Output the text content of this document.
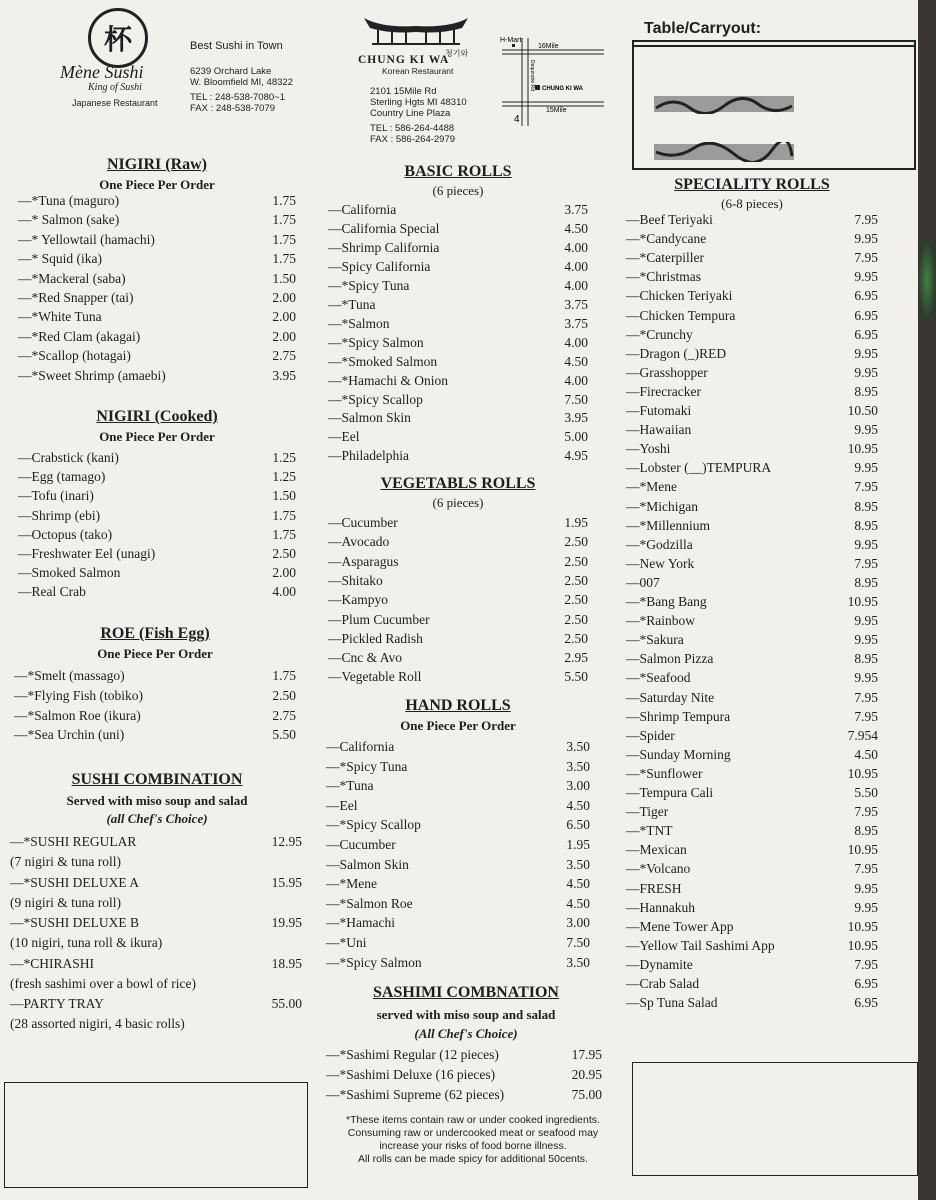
杯
Mène Sushi
King of Sushi
Japanese Restaurant
Best Sushi in Town
6239 Orchard Lake
W. Bloomfield MI, 48322
TEL : 248-538-7080~1
FAX : 248-538-7079
청기와
CHUNG KI WA
Korean Restaurant
2101 15Mile Rd
Sterling Hgts MI 48310
Country Line Plaza
TEL : 586-264-4488
FAX : 586-264-2979
H-Mart
16Mile
CHUNG KI WA
15Mile
4
Dequindre Rd
Table/Carryout:
NIGIRI (Raw)
One Piece Per Order
—*Tuna (maguro)	1.75
—* Salmon (sake)	1.75
—* Yellowtail (hamachi)	1.75
—* Squid (ika)	1.75
—*Mackeral (saba)	1.50
—*Red Snapper (tai)	2.00
—*White Tuna	2.00
—*Red Clam (akagai)	2.00
—*Scallop (hotagai)	2.75
—*Sweet Shrimp (amaebi)	3.95
NIGIRI (Cooked)
One Piece Per Order
—Crabstick (kani)	1.25
—Egg (tamago)	1.25
—Tofu (inari)	1.50
—Shrimp (ebi)	1.75
—Octopus (tako)	1.75
—Freshwater Eel (unagi)	2.50
—Smoked Salmon	2.00
—Real Crab	4.00
ROE (Fish Egg)
One Piece Per Order
—*Smelt (massago)	1.75
—*Flying Fish (tobiko)	2.50
—*Salmon Roe (ikura)	2.75
—*Sea Urchin (uni)	5.50
BASIC ROLLS
(6 pieces)
—California	3.75
—California Special	4.50
—Shrimp California	4.00
—Spicy California	4.00
—*Spicy Tuna	4.00
—*Tuna	3.75
—*Salmon	3.75
—*Spicy Salmon	4.00
—*Smoked Salmon	4.50
—*Hamachi & Onion	4.00
—*Spicy Scallop	7.50
—Salmon Skin	3.95
—Eel	5.00
—Philadelphia	4.95
VEGETABLS ROLLS
(6 pieces)
—Cucumber	1.95
—Avocado	2.50
—Asparagus	2.50
—Shitako	2.50
—Kampyo	2.50
—Plum Cucumber	2.50
—Pickled Radish	2.50
—Cnc & Avo	2.95
—Vegetable Roll	5.50
HAND ROLLS
One Piece Per Order
—California	3.50
—*Spicy Tuna	3.50
—*Tuna	3.00
—Eel	4.50
—*Spicy Scallop	6.50
—Cucumber	1.95
—Salmon Skin	3.50
—*Mene	4.50
—*Salmon Roe	4.50
—*Hamachi	3.00
—*Uni	7.50
—*Spicy Salmon	3.50
SPECIALITY ROLLS
(6-8 pieces)
—Beef Teriyaki	7.95
—*Candycane	9.95
—*Caterpiller	7.95
—*Christmas	9.95
—Chicken Teriyaki	6.95
—Chicken Tempura	6.95
—*Crunchy	6.95
—Dragon (_)RED	9.95
—Grasshopper	9.95
—Firecracker	8.95
—Futomaki	10.50
—Hawaiian	9.95
—Yoshi	10.95
—Lobster (__)TEMPURA	9.95
—*Mene	7.95
—*Michigan	8.95
—*Millennium	8.95
—*Godzilla	9.95
—New York	7.95
—007	8.95
—*Bang Bang	10.95
—*Rainbow	9.95
—*Sakura	9.95
—Salmon Pizza	8.95
—*Seafood	9.95
—Saturday Nite	7.95
—Shrimp Tempura	7.95
—Spider	7.954
—Sunday Morning	4.50
—*Sunflower	10.95
—Tempura Cali	5.50
—Tiger	7.95
—*TNT	8.95
—Mexican	10.95
—*Volcano	7.95
—FRESH	9.95
—Hannakuh	9.95
—Mene Tower App	10.95
—Yellow Tail Sashimi App	10.95
—Dynamite	7.95
—Crab Salad	6.95
—Sp Tuna Salad	6.95
SUSHI COMBINATION
Served with miso soup and salad
(all Chef's Choice)
—*SUSHI REGULAR	12.95
(7 nigiri & tuna roll)
—*SUSHI DELUXE A	15.95
(9 nigiri & tuna roll)
—*SUSHI DELUXE B	19.95
(10 nigiri, tuna roll & ikura)
—*CHIRASHI	18.95
(fresh sashimi over a bowl of rice)
—PARTY TRAY	55.00
(28 assorted nigiri, 4 basic rolls)
SASHIMI COMBNATION
served with miso soup and salad
(All Chef's Choice)
—*Sashimi Regular (12 pieces)	17.95
—*Sashimi Deluxe (16 pieces)	20.95
—*Sashimi Supreme (62 pieces)	75.00
*These items contain raw or under cooked ingredients.
Consuming raw or undercooked meat or seafood may
increase your risks of food borne illness.
All rolls can be made spicy for additional 50cents.
